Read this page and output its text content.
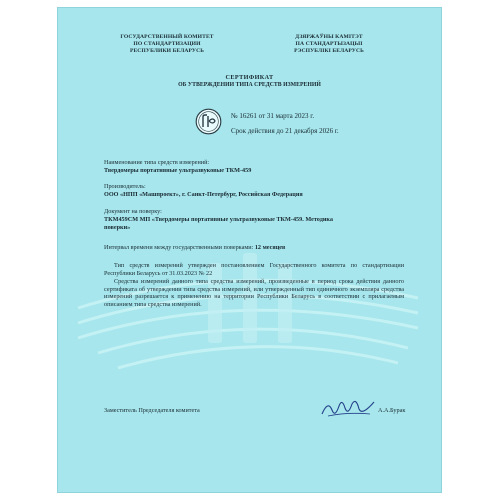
ГОСУДАРСТВЕННЫЙ КОМИТЕТ
ПО СТАНДАРТИЗАЦИИ
РЕСПУБЛИКИ БЕЛАРУСЬ
ДЗЯРЖАЎНЫ КАМІТЭТ
ПА СТАНДАРТЫЗАЦЫІ
РЭСПУБЛІКІ БЕЛАРУСЬ
СЕРТИФИКАТ
ОБ УТВЕРЖДЕНИИ ТИПА СРЕДСТВ ИЗМЕРЕНИЙ
№ 16261 от 31 марта 2023 г.
Срок действия до 21 декабря 2026 г.
Наименование типа средств измерений:
Твердомеры портативные ультразвуковые ТКМ-459
Производитель:
ООО «НПП «Машпроект», г. Санкт-Петербург, Российская Федерация
Документ на поверку:
ТКМ459СМ МП «Твердомеры портативные ультразвуковые ТКМ-459. Методика
поверки»
Интервал времени между государственными поверками: 12 месяцев
Тип средств измерений утвержден постановлением Государственного комитета по стандартизации Республики Беларусь от 31.03.2023 № 22
Средства измерений данного типа средства измерений, произведенные в период срока действия данного сертификата об утверждении типа средства измерений, или утвержденный тип единичного экземпляра средства измерений разрешается к применению на территории Республики Беларусь в соответствии с прилагаемым описанием типа средства измерений.
Заместитель Председателя комитета	А.А.Бурак
